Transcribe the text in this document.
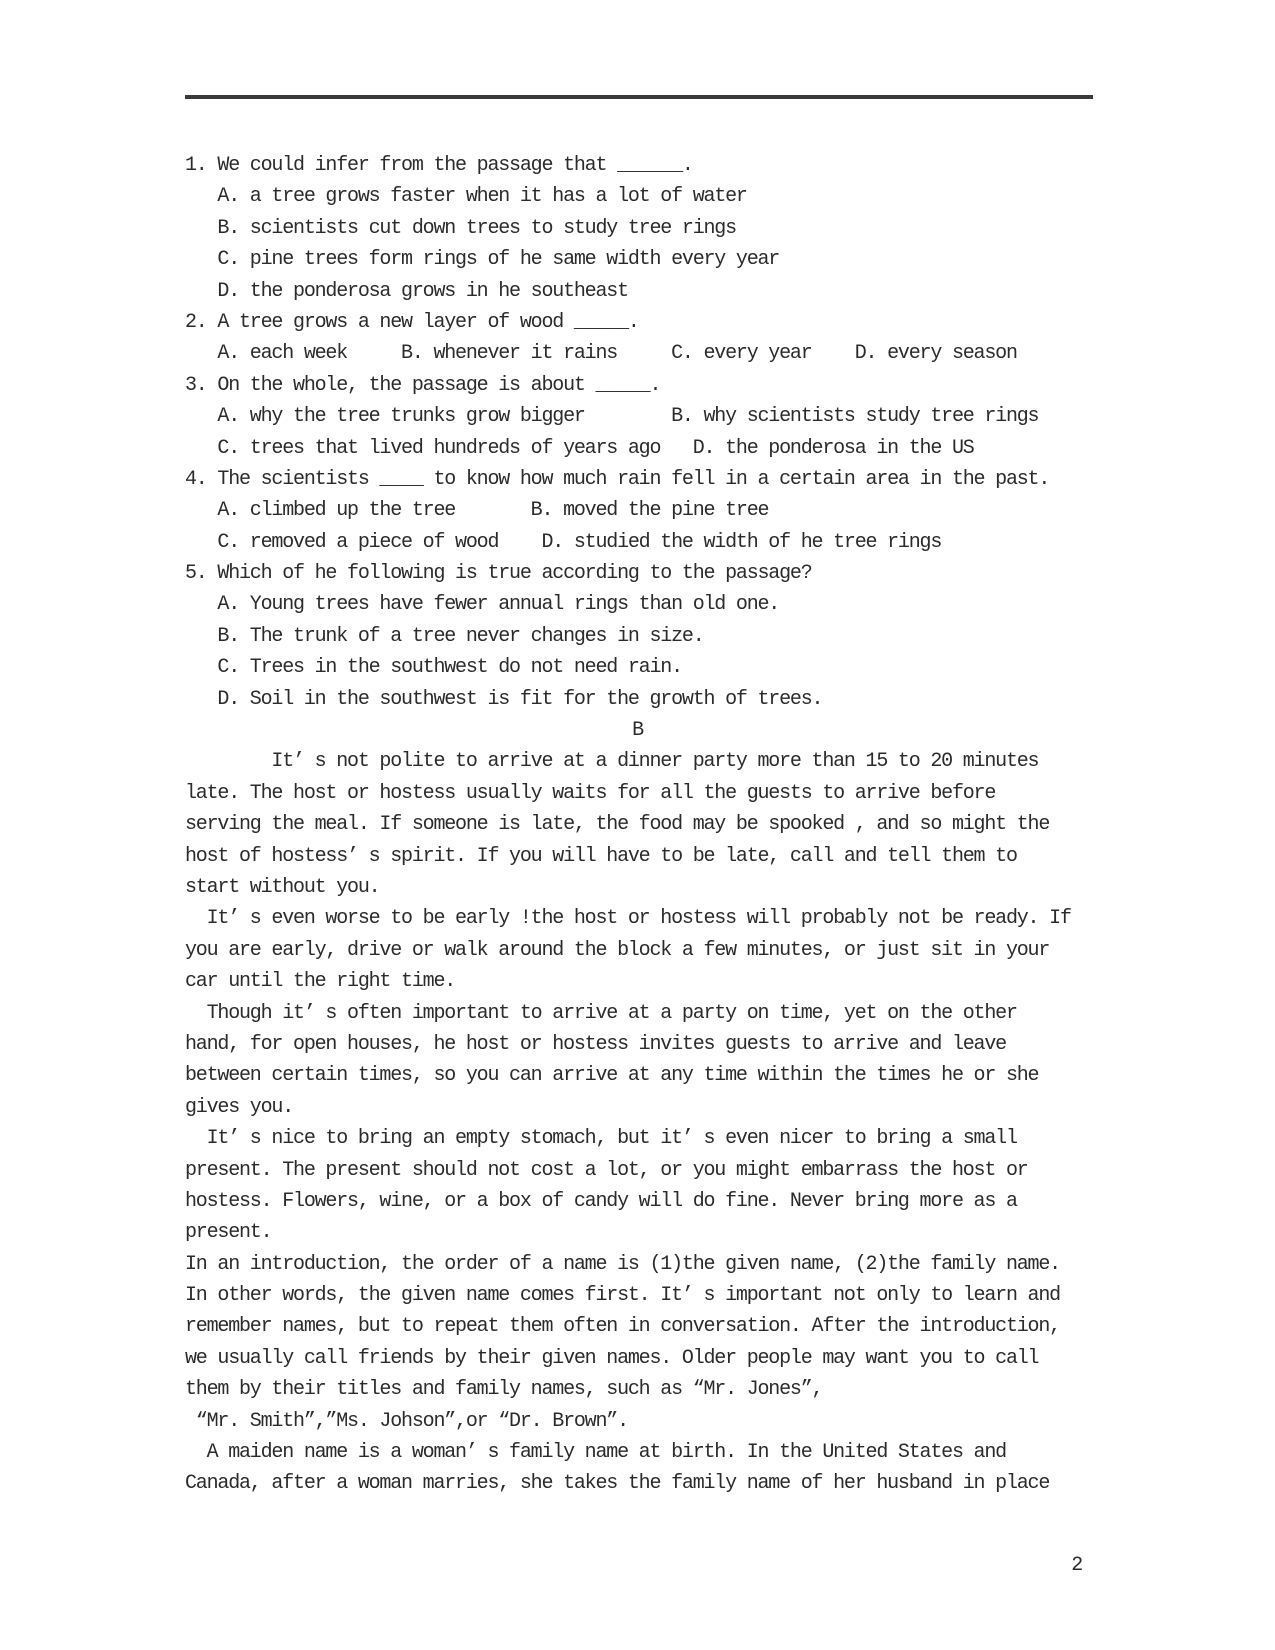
1. We could infer from the passage that ______.
A. a tree grows faster when it has a lot of water
B. scientists cut down trees to study tree rings
C. pine trees form rings of he same width every year
D. the ponderosa grows in he southeast
2. A tree grows a new layer of wood _____.
A. each week     B. whenever it rains     C. every year    D. every season
3. On the whole, the passage is about _____.
A. why the tree trunks grow bigger        B. why scientists study tree rings
C. trees that lived hundreds of years ago   D. the ponderosa in the US
4. The scientists ____ to know how much rain fell in a certain area in the past.
A. climbed up the tree       B. moved the pine tree
C. removed a piece of wood    D. studied the width of he tree rings
5. Which of he following is true according to the passage?
A. Young trees have fewer annual rings than old one.
B. The trunk of a tree never changes in size.
C. Trees in the southwest do not need rain.
D. Soil in the southwest is fit for the growth of trees.
B
It’ s not polite to arrive at a dinner party more than 15 to 20 minutes
late. The host or hostess usually waits for all the guests to arrive before
serving the meal. If someone is late, the food may be spooked , and so might the
host of hostess’ s spirit. If you will have to be late, call and tell them to
start without you.
It’ s even worse to be early !the host or hostess will probably not be ready. If
you are early, drive or walk around the block a few minutes, or just sit in your
car until the right time.
Though it’ s often important to arrive at a party on time, yet on the other
hand, for open houses, he host or hostess invites guests to arrive and leave
between certain times, so you can arrive at any time within the times he or she
gives you.
It’ s nice to bring an empty stomach, but it’ s even nicer to bring a small
present. The present should not cost a lot, or you might embarrass the host or
hostess. Flowers, wine, or a box of candy will do fine. Never bring more as a
present.
In an introduction, the order of a name is (1)the given name, (2)the family name.
In other words, the given name comes first. It’ s important not only to learn and
remember names, but to repeat them often in conversation. After the introduction,
we usually call friends by their given names. Older people may want you to call
them by their titles and family names, such as “Mr. Jones”,
“Mr. Smith”,”Ms. Johson”,or “Dr. Brown”.
A maiden name is a woman’ s family name at birth. In the United States and
Canada, after a woman marries, she takes the family name of her husband in place
2
